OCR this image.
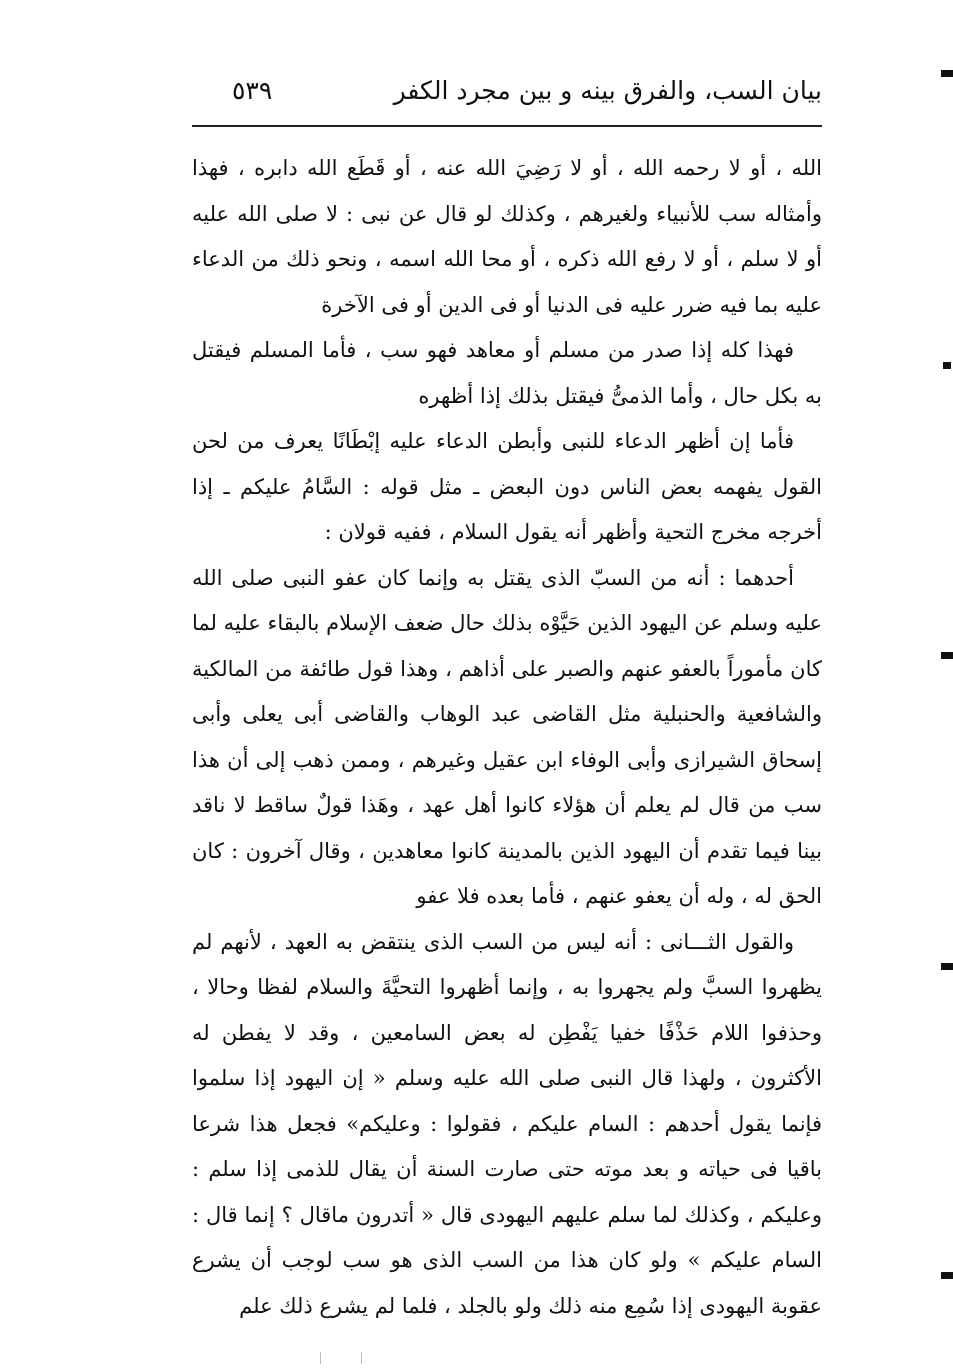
بيان السب، والفرق بينه و بين مجرد الكفر
٥٣٩

الله ، أو لا رحمه الله ، أو لا رَضِيَ الله عنه ، أو قَطَع الله دابره ، فهذا وأمثاله سب للأنبياء ولغيرهم ، وكذلك لو قال عن نبى : لا صلى الله عليه أو لا سلم ، أو لا رفع الله ذكره ، أو محا الله اسمه ، ونحو ذلك من الدعاء عليه بما فيه ضرر عليه فى الدنيا أو فى الدين أو فى الآخرة

فهذا كله إذا صدر من مسلم أو معاهد فهو سب ، فأما المسلم فيقتل به بكل حال ، وأما الذمىُّ فيقتل بذلك إذا أظهره

فأما إن أظهر الدعاء للنبى وأبطن الدعاء عليه إبْطَانًا يعرف من لحن القول يفهمه بعض الناس دون البعض ـ مثل قوله : السَّامُ عليكم ـ إذا أخرجه مخرج التحية وأظهر أنه يقول السلام ، ففيه قولان :

أحدهما : أنه من السبّ الذى يقتل به وإنما كان عفو النبى صلى الله عليه وسلم عن اليهود الذين حَيَّوْه بذلك حال ضعف الإسلام بالبقاء عليه لما كان مأموراً بالعفو عنهم والصبر على أذاهم ، وهذا قول طائفة من المالكية والشافعية والحنبلية مثل القاضى عبد الوهاب والقاضى أبى يعلى وأبى إسحاق الشيرازى وأبى الوفاء ابن عقيل وغيرهم ، وممن ذهب إلى أن هذا سب من قال لم يعلم أن هؤلاء كانوا أهل عهد ، وهَذا قولٌ ساقط لا ناقد بينا فيما تقدم أن اليهود الذين بالمدينة كانوا معاهدين ، وقال آخرون : كان الحق له ، وله أن يعفو عنهم ، فأما بعده فلا عفو

والقول الثـــانى : أنه ليس من السب الذى ينتقض به العهد ، لأنهم لم يظهروا السبَّ ولم يجهروا به ، وإنما أظهروا التحيَّةَ والسلام لفظا وحالا ، وحذفوا اللام حَذْفًا خفيا يَفْطِن له بعض السامعين ، وقد لا يفطن له الأكثرون ، ولهذا قال النبى صلى الله عليه وسلم « إن اليهود إذا سلموا فإنما يقول أحدهم : السام عليكم ، فقولوا : وعليكم» فجعل هذا شرعا باقيا فى حياته و بعد موته حتى صارت السنة أن يقال للذمى إذا سلم : وعليكم ، وكذلك لما سلم عليهم اليهودى قال « أتدرون ماقال ؟ إنما قال : السام عليكم » ولو كان هذا من السب الذى هو سب لوجب أن يشرع عقوبة اليهودى إذا سُمِع منه ذلك ولو بالجلد ، فلما لم يشرع ذلك علم
